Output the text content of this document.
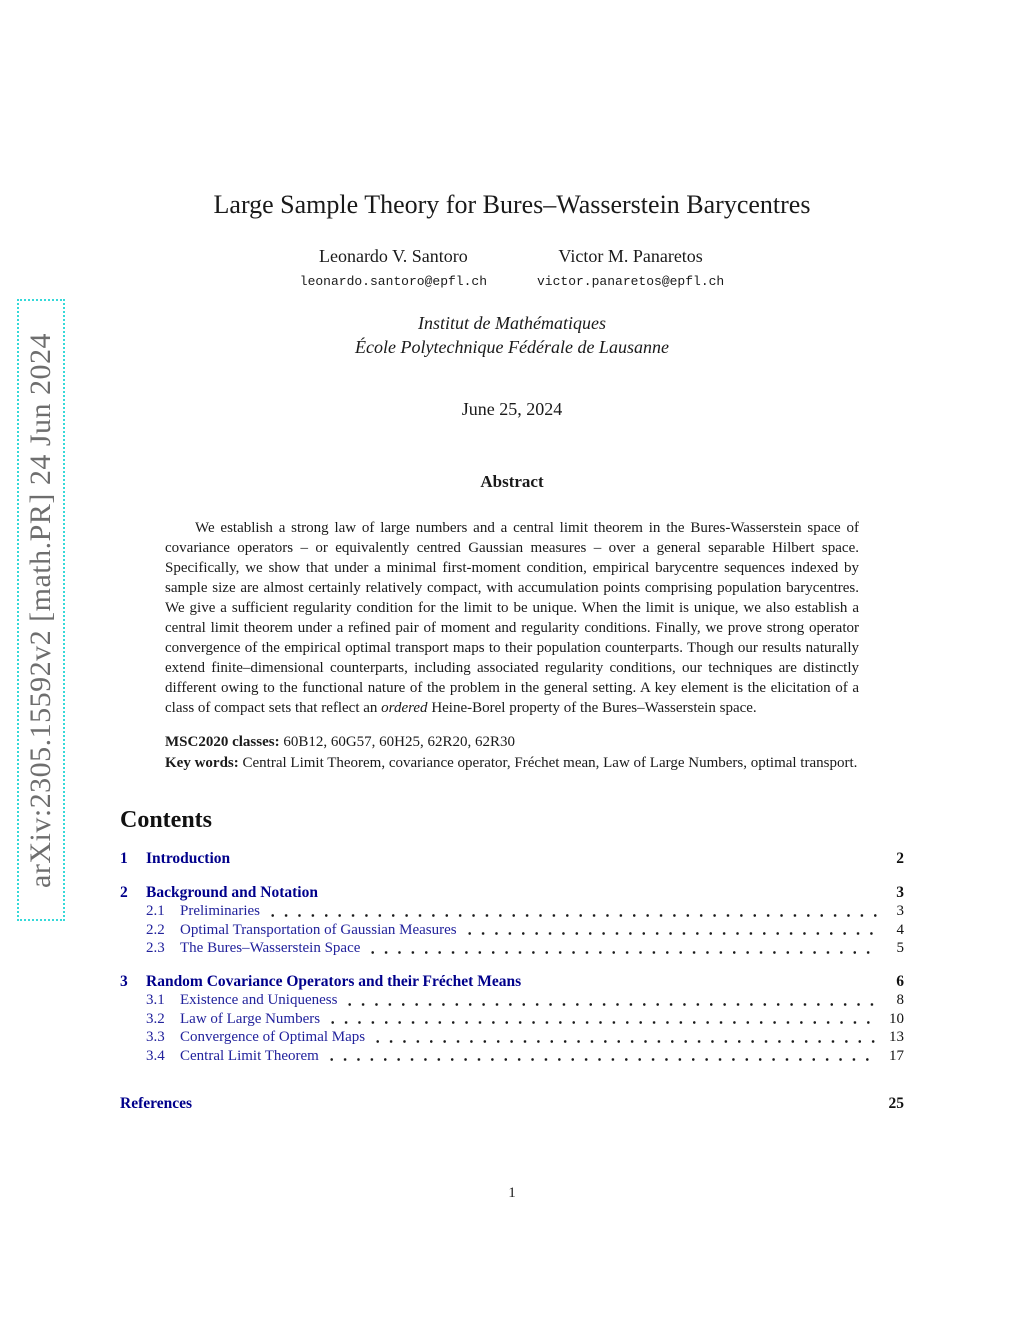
arXiv:2305.15592v2 [math.PR] 24 Jun 2024
Large Sample Theory for Bures–Wasserstein Barycentres
Leonardo V. Santoro
leonardo.santoro@epfl.ch
Victor M. Panaretos
victor.panaretos@epfl.ch
Institut de Mathématiques
École Polytechnique Fédérale de Lausanne
June 25, 2024
Abstract

We establish a strong law of large numbers and a central limit theorem in the Bures-Wasserstein space of covariance operators – or equivalently centred Gaussian measures – over a general separable Hilbert space. Specifically, we show that under a minimal first-moment condition, empirical barycentre sequences indexed by sample size are almost certainly relatively compact, with accumulation points comprising population barycentres. We give a sufficient regularity condition for the limit to be unique. When the limit is unique, we also establish a central limit theorem under a refined pair of moment and regularity conditions. Finally, we prove strong operator convergence of the empirical optimal transport maps to their population counterparts. Though our results naturally extend finite–dimensional counterparts, including associated regularity conditions, our techniques are distinctly different owing to the functional nature of the problem in the general setting. A key element is the elicitation of a class of compact sets that reflect an ordered Heine-Borel property of the Bures–Wasserstein space.

MSC2020 classes: 60B12, 60G57, 60H25, 62R20, 62R30

Key words: Central Limit Theorem, covariance operator, Fréchet mean, Law of Large Numbers, optimal transport.

Contents
1	Introduction	2
2	Background and Notation	3
2.1	Preliminaries	3
2.2	Optimal Transportation of Gaussian Measures	4
2.3	The Bures–Wasserstein Space	5
3	Random Covariance Operators and their Fréchet Means	6
3.1	Existence and Uniqueness	8
3.2	Law of Large Numbers	10
3.3	Convergence of Optimal Maps	13
3.4	Central Limit Theorem	17
References	25
1
